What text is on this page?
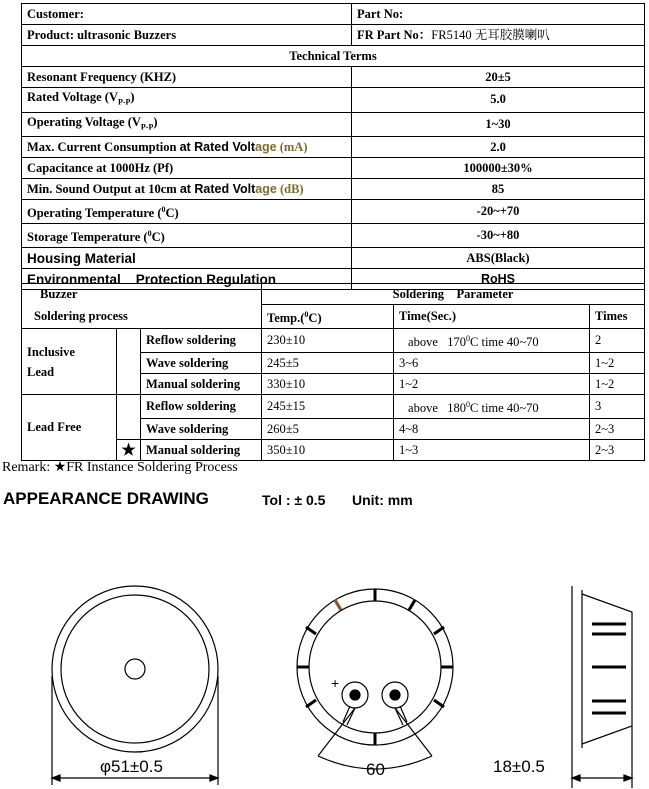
Customer:	Part No:
Product: ultrasonic Buzzers	FR Part No：FR5140 无耳胶膜喇叭
Technical Terms	
Resonant Frequency (KHZ)	20±5
Rated Voltage $(V_{P-P})$	5.0
Operating Voltage $(V_{P-P})$	1~30
Max. Current Consumption at Rated Voltage (mA)	2.0
Capacitance at 1000Hz (Pf)	100000±30%
Min. Sound Output at 10cm at Rated Voltage (dB)	85
Operating Temperature ($^0$C)	-20~+70
Storage Temperature ($^0$C)	-30~+80
Housing Material	ABS(Black)
Environmental Protection Regulation	RoHS
Buzzer			Soldering    Parameter		
Soldering process			Temp.($^0$C)	Time(Sec.)	Times
Inclusive
Lead		Reflow soldering	230±10	above   $170^0C$ time 40~70	2
		Wave soldering	245±5	3~6	1~2
		Manual soldering	330±10	1~2	1~2
Lead Free		Reflow soldering	245±15	above   $180^0C$ time 40~70	3
		Wave soldering	260±5	4~8	2~3
	★	Manual soldering	350±10	1~3	2~3
Remark: ★FR Instance Soldering Process
APPEARANCE DRAWING	Tol : ± 0.5 Unit: mm
φ51±0.5
+
60	18±0.5
